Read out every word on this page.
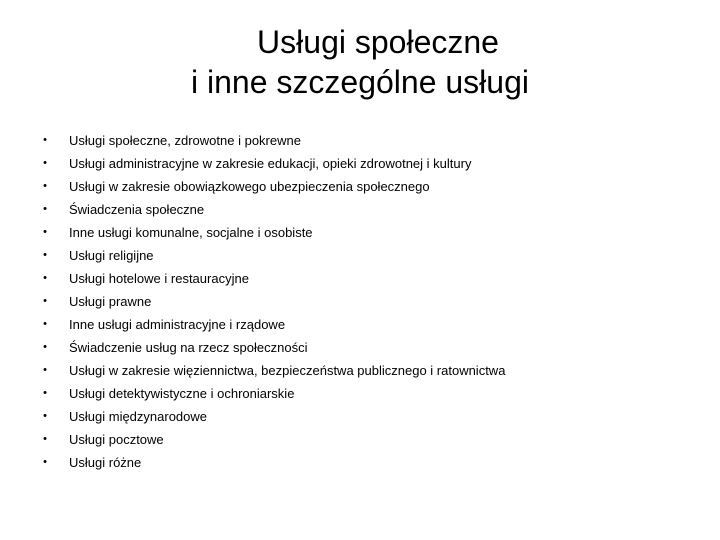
Usługi społeczne
i inne szczególne usługi
• Usługi społeczne, zdrowotne i pokrewne
• Usługi administracyjne w zakresie edukacji, opieki zdrowotnej i kultury
• Usługi w zakresie obowiązkowego ubezpieczenia społecznego
• Świadczenia społeczne
• Inne usługi komunalne, socjalne i osobiste
• Usługi religijne
• Usługi hotelowe i restauracyjne
• Usługi prawne
• Inne usługi administracyjne i rządowe
• Świadczenie usług na rzecz społeczności
• Usługi w zakresie więziennictwa, bezpieczeństwa publicznego i ratownictwa
• Usługi detektywistyczne i ochroniarskie
• Usługi międzynarodowe
• Usługi pocztowe
• Usługi różne
